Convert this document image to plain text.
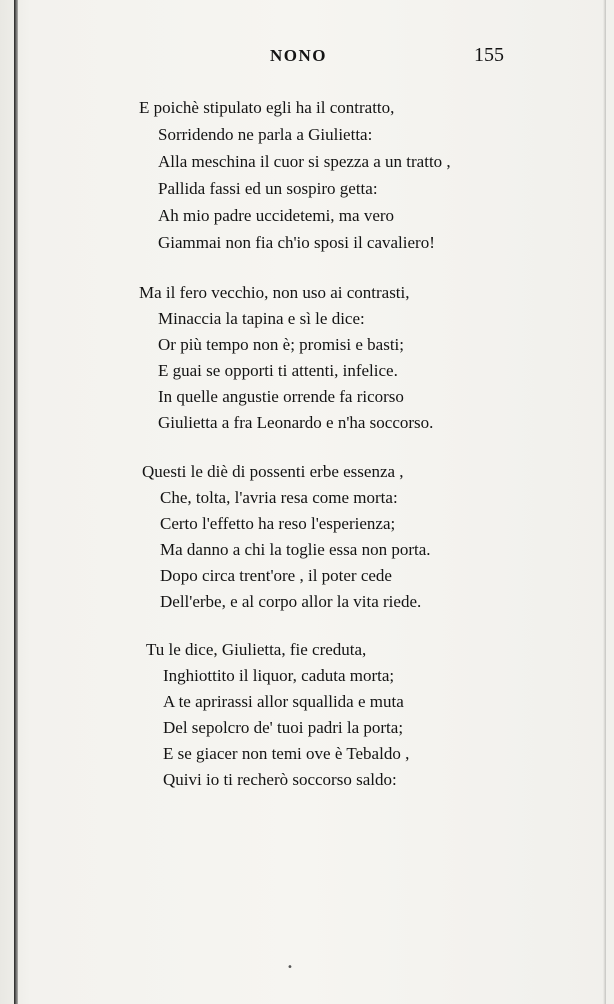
NONO	155
E poichè stipulato egli ha il contratto,
Sorridendo ne parla a Giulietta:
Alla meschina il cuor si spezza a un tratto ,
Pallida fassi ed un sospiro getta:
Ah mio padre uccidetemi, ma vero
Giammai non fia ch'io sposi il cavaliero!
Ma il fero vecchio, non uso ai contrasti,
Minaccia la tapina e sì le dice:
Or più tempo non è; promisi e basti;
E guai se opporti ti attenti, infelice.
In quelle angustie orrende fa ricorso
Giulietta a fra Leonardo e n'ha soccorso.
Questi le diè di possenti erbe essenza ,
Che, tolta, l'avria resa come morta:
Certo l'effetto ha reso l'esperienza;
Ma danno a chi la toglie essa non porta.
Dopo circa trent'ore , il poter cede
Dell'erbe, e al corpo allor la vita riede.
Tu le dice, Giulietta, fie creduta,
Inghiottito il liquor, caduta morta;
A te aprirassi allor squallida e muta
Del sepolcro de' tuoi padri la porta;
E se giacer non temi ove è Tebaldo ,
Quivi io ti recherò soccorso saldo:
•
